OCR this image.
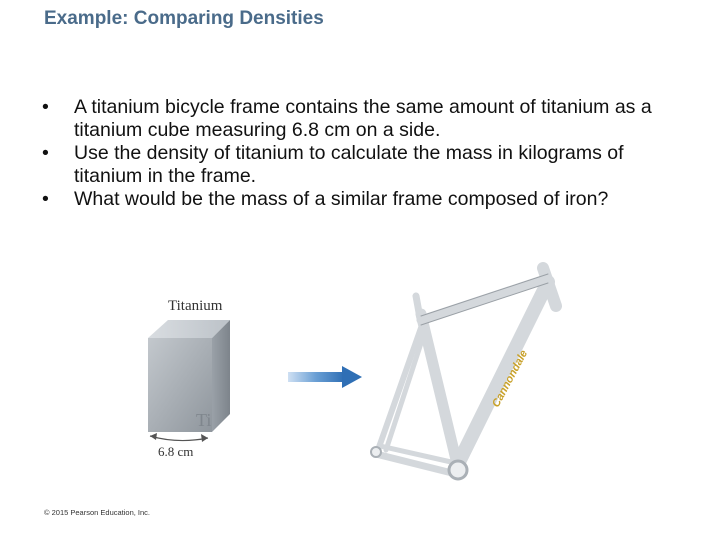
Example: Comparing Densities
•	A titanium bicycle frame contains the same amount of titanium as a titanium cube measuring 6.8 cm on a side.
•	Use the density of titanium to calculate the mass in kilograms of titanium in the frame.
•	What would be the mass of a similar frame composed of iron?
Titanium
Ti
Cannondale
6.8 cm
© 2015 Pearson Education, Inc.
